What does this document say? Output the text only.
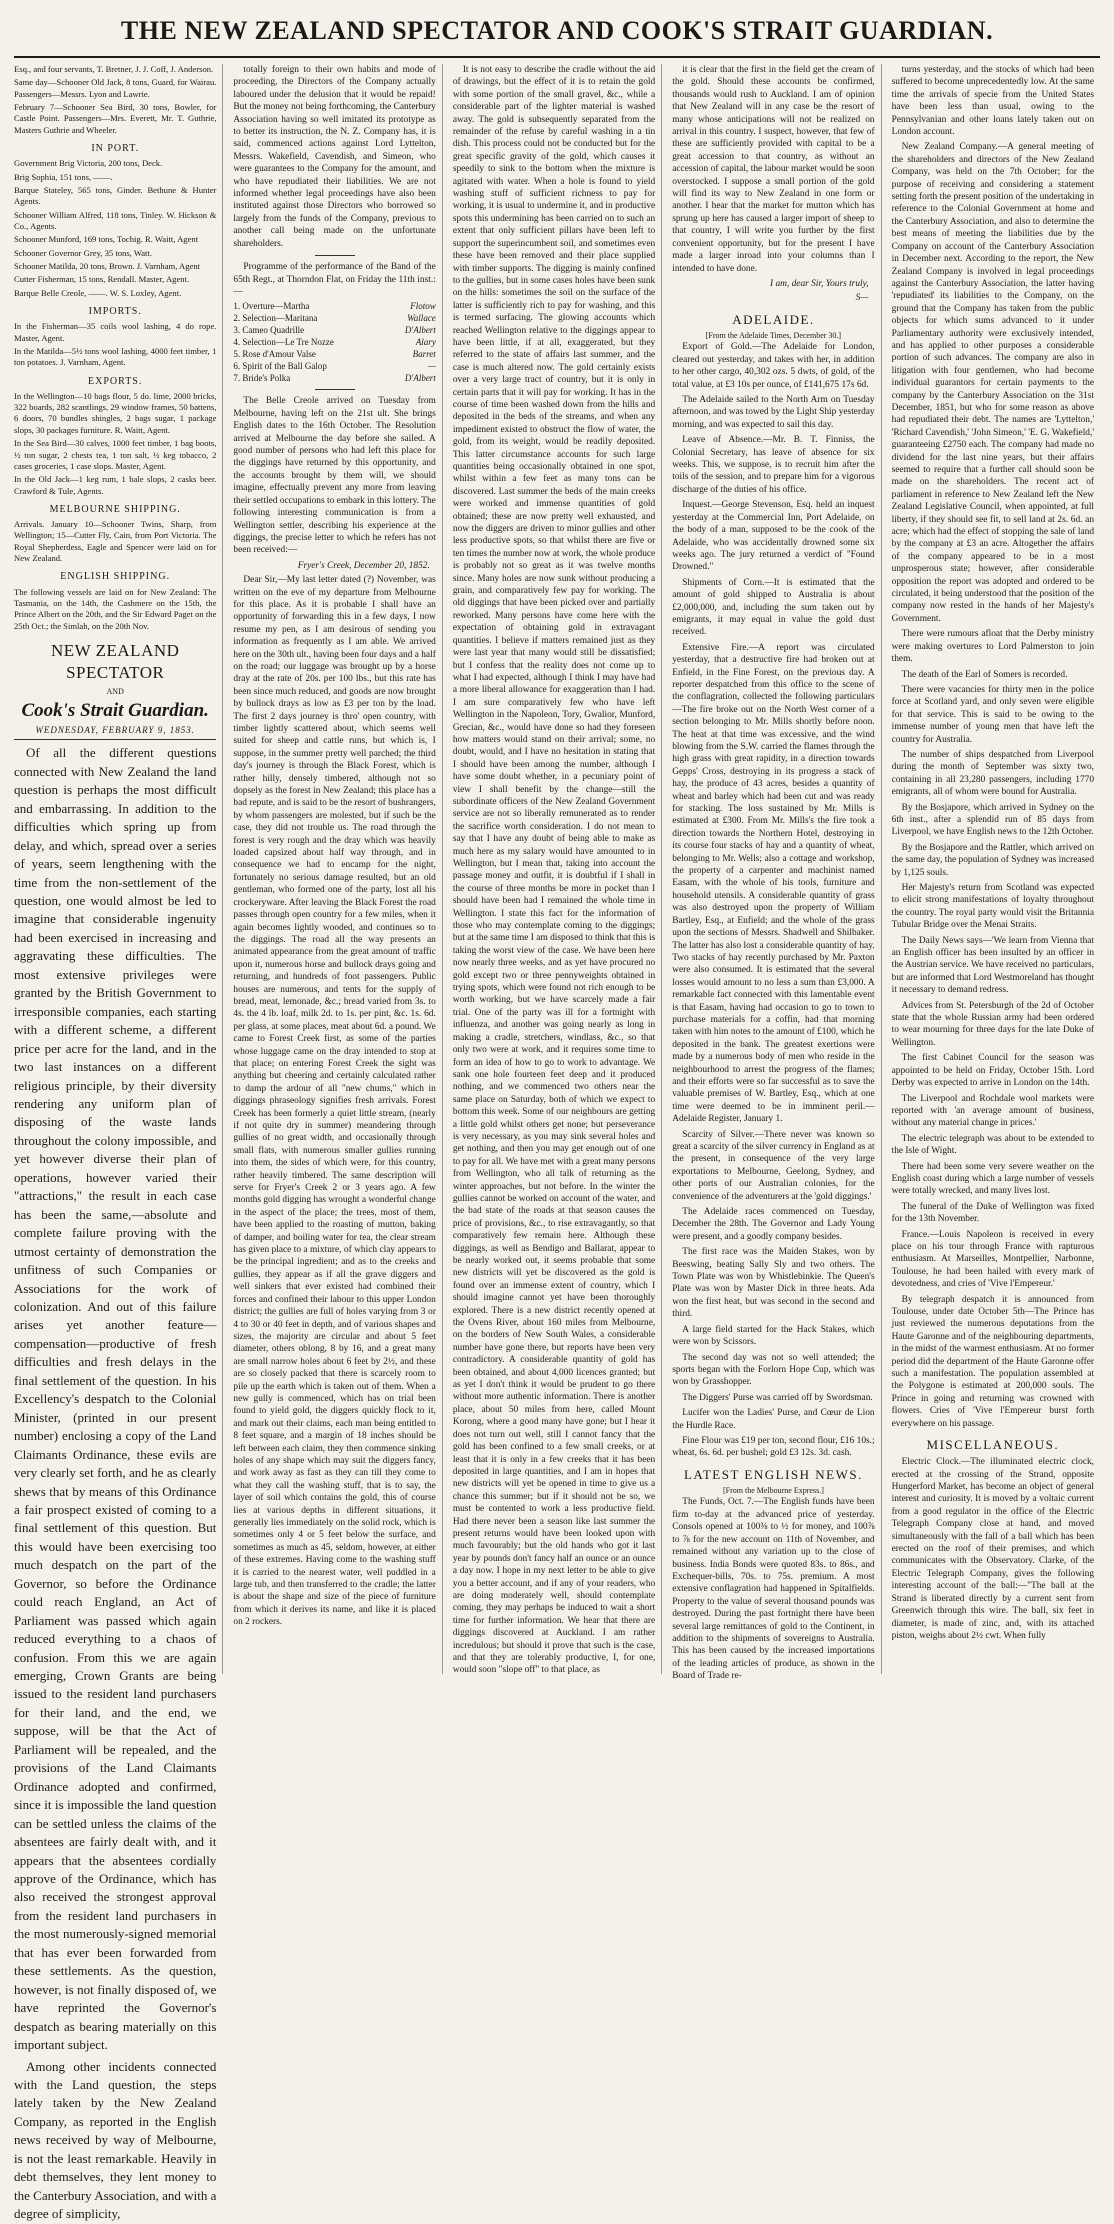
THE NEW ZEALAND SPECTATOR AND COOK'S STRAIT GUARDIAN.

Esq., and four servants, T. Bretner, J. J. Coff, J. Anderson.

Same day—Schooner Old Jack, 8 tons, Guard, for Wairau. Passengers—Messrs. Lyon and Lawrie.

February 7—Schooner Sea Bird, 30 tons, Bowler, for Castle Point. Passengers—Mrs. Everett, Mr. T. Guthrie, Masters Guthrie and Wheeler.

IN PORT.

Government Brig Victoria, 200 tons, Deck.

Brig Sophia, 151 tons, ——.

Barque Stateley, 565 tons, Ginder. Bethune & Hunter Agents.

Schooner William Alfred, 118 tons, Tinley. W. Hickson & Co., Agents.

Schooner Munford, 169 tons, Tochig. R. Waitt, Agent

Schooner Governor Grey, 35 tons, Watt.

Schooner Matilda, 20 tons, Brown. J. Varnham, Agent

Cutter Fisherman, 15 tons, Rendall. Master, Agent.

Barque Belle Creole, ——. W. S. Loxley, Agent.

IMPORTS.

In the Fisherman—35 coils wool lashing, 4 do rope. Master, Agent.

In the Matilda—5½ tons wool lashing, 4000 feet timber, 1 ton potatoes. J. Varnham, Agent.

EXPORTS.

In the Wellington—10 bags flour, 5 do. lime, 2000 bricks, 322 boards, 282 scantlings, 29 window frames, 50 battens, 6 doors, 70 bundles shingles, 2 bags sugar, 1 package slops, 30 packages furniture. R. Waitt, Agent.

In the Sea Bird—30 calves, 1000 feet timber, 1 bag boots, ½ ton sugar, 2 chests tea, 1 ton salt, ½ keg tobacco, 2 cases groceries, 1 case slops. Master, Agent.

In the Old Jack—1 keg rum, 1 bale slops, 2 casks beer. Crawford & Tule, Agents.

MELBOURNE SHIPPING.

Arrivals. January 10—Schooner Twins, Sharp, from Wellington; 15—Cutter Fly, Cain, from Port Victoria. The Royal Shepherdess, Eagle and Spencer were laid on for New Zealand.

ENGLISH SHIPPING.

The following vessels are laid on for New Zealand: The Tasmania, on the 14th, the Cashmere on the 15th, the Prince Albert on the 20th, and the Sir Edward Paget on the 25th Oct.; the Simlah, on the 20th Nov.

NEW ZEALAND SPECTATOR
AND
Cook's Strait Guardian.
WEDNESDAY, FEBRUARY 9, 1853.

Of all the different questions connected with New Zealand the land question is perhaps the most difficult and embarrassing. In addition to the difficulties which spring up from delay, and which, spread over a series of years, seem lengthening with the time from the non-settlement of the question, one would almost be led to imagine that considerable ingenuity had been exercised in increasing and aggravating these difficulties. The most extensive privileges were granted by the British Government to irresponsible companies, each starting with a different scheme, a different price per acre for the land, and in the two last instances on a different religious principle, by their diversity rendering any uniform plan of disposing of the waste lands throughout the colony impossible, and yet however diverse their plan of operations, however varied their "attractions," the result in each case has been the same,—absolute and complete failure proving with the utmost certainty of demonstration the unfitness of such Companies or Associations for the work of colonization. And out of this failure arises yet another feature—compensation—productive of fresh difficulties and fresh delays in the final settlement of the question. In his Excellency's despatch to the Colonial Minister, (printed in our present number) enclosing a copy of the Land Claimants Ordinance, these evils are very clearly set forth, and he as clearly shews that by means of this Ordinance a fair prospect existed of coming to a final settlement of this question. But this would have been exercising too much despatch on the part of the Governor, so before the Ordinance could reach England, an Act of Parliament was passed which again reduced everything to a chaos of confusion. From this we are again emerging, Crown Grants are being issued to the resident land purchasers for their land, and the end, we suppose, will be that the Act of Parliament will be repealed, and the provisions of the Land Claimants Ordinance adopted and confirmed, since it is impossible the land question can be settled unless the claims of the absentees are fairly dealt with, and it appears that the absentees cordially approve of the Ordinance, which has also received the strongest approval from the resident land purchasers in the most numerously-signed memorial that has ever been forwarded from these settlements. As the question, however, is not finally disposed of, we have reprinted the Governor's despatch as bearing materially on this important subject.

Among other incidents connected with the Land question, the steps lately taken by the New Zealand Company, as reported in the English news received by way of Melbourne, is not the least remarkable. Heavily in debt themselves, they lent money to the Canterbury Association, and with a degree of simplicity,

totally foreign to their own habits and mode of proceeding, the Directors of the Company actually laboured under the delusion that it would be repaid! But the money not being forthcoming, the Canterbury Association having so well imitated its prototype as to better its instruction, the N. Z. Company has, it is said, commenced actions against Lord Lyttelton, Messrs. Wakefield, Cavendish, and Simeon, who were guarantees to the Company for the amount, and who have repudiated their liabilities. We are not informed whether legal proceedings have also been instituted against those Directors who borrowed so largely from the funds of the Company, previous to another call being made on the unfortunate shareholders.

Programme of the performance of the Band of the 65th Regt., at Thorndon Flat, on Friday the 11th inst.:—

1. Overture—Martha	Flotow
2. Selection—Maritana	Wallace
3. Cameo Quadrille	D'Albert
4. Selection—Le Tre Nozze	Alary
5. Rose d'Amour Valse	Barret
6. Spirit of the Ball Galop	—
7. Bride's Polka	D'Albert

The Belle Creole arrived on Tuesday from Melbourne, having left on the 21st ult. She brings English dates to the 16th October. The Resolution arrived at Melbourne the day before she sailed. A good number of persons who had left this place for the diggings have returned by this opportunity, and the accounts brought by them will, we should imagine, effectually prevent any more from leaving their settled occupations to embark in this lottery. The following interesting communication is from a Wellington settler, describing his experience at the diggings, the precise letter to which he refers has not been received:—

Fryer's Creek, December 20, 1852.

Dear Sir,—My last letter dated (?) November, was written on the eve of my departure from Melbourne for this place. As it is probable I shall have an opportunity of forwarding this in a few days, I now resume my pen, as I am desirous of sending you information as frequently as I am able. We arrived here on the 30th ult., having been four days and a half on the road; our luggage was brought up by a horse dray at the rate of 20s. per 100 lbs., but this rate has been since much reduced, and goods are now brought by bullock drays as low as £3 per ton by the load. The first 2 days journey is thro' open country, with timber lightly scattered about, which seems well suited for sheep and cattle runs, but which is, I suppose, in the summer pretty well parched; the third day's journey is through the Black Forest, which is rather hilly, densely timbered, although not so dopsely as the forest in New Zealand; this place has a bad repute, and is said to be the resort of bushrangers, by whom passengers are molested, but if such be the case, they did not trouble us. The road through the forest is very rough and the dray which was heavily loaded capsized about half way through, and in consequence we had to encamp for the night, fortunately no serious damage resulted, but an old gentleman, who formed one of the party, lost all his crockeryware. After leaving the Black Forest the road passes through open country for a few miles, when it again becomes lightly wooded, and continues so to the diggings. The road all the way presents an animated appearance from the great amount of traffic upon it, numerous horse and bullock drays going and returning, and hundreds of foot passengers. Public houses are numerous, and tents for the supply of bread, meat, lemonade, &c.; bread varied from 3s. to 4s. the 4 lb. loaf, milk 2d. to 1s. per pint, &c. 1s. 6d. per glass, at some places, meat about 6d. a pound. We came to Forest Creek first, as some of the parties whose luggage came on the dray intended to stop at that place; on entering Forest Creek the sight was anything but cheering and certainly calculated rather to damp the ardour of all "new chums," which in diggings phraseology signifies fresh arrivals. Forest Creek has been formerly a quiet little stream, (nearly if not quite dry in summer) meandering through gullies of no great width, and occasionally through small flats, with numerous smaller gullies running into them, the sides of which were, for this country, rather heavily timbered. The same description will serve for Fryer's Creek 2 or 3 years ago. A few months gold digging has wrought a wonderful change in the aspect of the place; the trees, most of them, have been applied to the roasting of mutton, baking of damper, and boiling water for tea, the clear stream has given place to a mixture, of which clay appears to be the principal ingredient; and as to the creeks and gullies, they appear as if all the grave diggers and well sinkers that ever existed had combined their forces and confined their labour to this upper London district; the gullies are full of holes varying from 3 or 4 to 30 or 40 feet in depth, and of various shapes and sizes, the majority are circular and about 5 feet diameter, others oblong, 8 by 16, and a great many are small narrow holes about 6 feet by 2½, and these are so closely packed that there is scarcely room to pile up the earth which is taken out of them. When a new gully is commenced, which has on trial been found to yield gold, the diggers quickly flock to it, and mark out their claims, each man being entitled to 8 feet square, and a margin of 18 inches should be left between each claim, they then commence sinking holes of any shape which may suit the diggers fancy, and work away as fast as they can till they come to what they call the washing stuff, that is to say, the layer of soil which contains the gold, this of course lies at various depths in different situations, it generally lies immediately on the solid rock, which is sometimes only 4 or 5 feet below the surface, and sometimes as much as 45, seldom, however, at either of these extremes. Having come to the washing stuff it is carried to the nearest water, well puddled in a large tub, and then transferred to the cradle; the latter is about the shape and size of the piece of furniture from which it derives its name, and like it is placed on 2 rockers.

It is not easy to describe the cradle without the aid of drawings, but the effect of it is to retain the gold with some portion of the small gravel, &c., while a considerable part of the lighter material is washed away. The gold is subsequently separated from the remainder of the refuse by careful washing in a tin dish. This process could not be conducted but for the great specific gravity of the gold, which causes it speedily to sink to the bottom when the mixture is agitated with water. When a hole is found to yield washing stuff of sufficient richness to pay for working, it is usual to undermine it, and in productive spots this undermining has been carried on to such an extent that only sufficient pillars have been left to support the superincumbent soil, and sometimes even these have been removed and their place supplied with timber supports. The digging is mainly confined to the gullies, but in some cases holes have been sunk on the hills: sometimes the soil on the surface of the latter is sufficiently rich to pay for washing, and this is termed surfacing. The glowing accounts which reached Wellington relative to the diggings appear to have been little, if at all, exaggerated, but they referred to the state of affairs last summer, and the case is much altered now. The gold certainly exists over a very large tract of country, but it is only in certain parts that it will pay for working. It has in the course of time been washed down from the hills and deposited in the beds of the streams, and when any impediment existed to obstruct the flow of water, the gold, from its weight, would be readily deposited. This latter circumstance accounts for such large quantities being occasionally obtained in one spot, whilst within a few feet as many tons can be discovered. Last summer the beds of the main creeks were worked and immense quantities of gold obtained; these are now pretty well exhausted, and now the diggers are driven to minor gullies and other less productive spots, so that whilst there are five or ten times the number now at work, the whole produce is probably not so great as it was twelve months since. Many holes are now sunk without producing a grain, and comparatively few pay for working. The old diggings that have been picked over and partially reworked. Many persons have come here with the expectation of obtaining gold in extravagant quantities. I believe if matters remained just as they were last year that many would still be dissatisfied; but I confess that the reality does not come up to what I had expected, although I think I may have had a more liberal allowance for exaggeration than I had. I am sure comparatively few who have left Wellington in the Napoleon, Tory, Gwalior, Munford, Grecian, &c., would have done so had they foreseen how matters would stand on their arrival; some, no doubt, would, and I have no hesitation in stating that I should have been among the number, although I have some doubt whether, in a pecuniary point of view I shall benefit by the change—still the subordinate officers of the New Zealand Government service are not so liberally remunerated as to render the sacrifice worth consideration. I do not mean to say that I have any doubt of being able to make as much here as my salary would have amounted to in Wellington, but I mean that, taking into account the passage money and outfit, it is doubtful if I shall in the course of three months be more in pocket than I should have been had I remained the whole time in Wellington. I state this fact for the information of those who may contemplate coming to the diggings; but at the same time I am disposed to think that this is taking the worst view of the case. We have been here now nearly three weeks, and as yet have procured no gold except two or three pennyweights obtained in trying spots, which were found not rich enough to be worth working, but we have scarcely made a fair trial. One of the party was ill for a fortnight with influenza, and another was going nearly as long in making a cradle, stretchers, windlass, &c., so that only two were at work, and it requires some time to form an idea of how to go to work to advantage. We sank one hole fourteen feet deep and it produced nothing, and we commenced two others near the same place on Saturday, both of which we expect to bottom this week. Some of our neighbours are getting a little gold whilst others get none; but perseverance is very necessary, as you may sink several holes and get nothing, and then you may get enough out of one to pay for all. We have met with a great many persons from Wellington, who all talk of returning as the winter approaches, but not before. In the winter the gullies cannot be worked on account of the water, and the bad state of the roads at that season causes the price of provisions, &c., to rise extravagantly, so that comparatively few remain here. Although these diggings, as well as Bendigo and Ballarat, appear to be nearly worked out, it seems probable that some new districts will yet be discovered as the gold is found over an immense extent of country, which I should imagine cannot yet have been thoroughly explored. There is a new district recently opened at the Ovens River, about 160 miles from Melbourne, on the borders of New South Wales, a considerable number have gone there, but reports have been very contradictory. A considerable quantity of gold has been obtained, and about 4,000 licences granted; but as yet I don't think it would be prudent to go there without more authentic information. There is another place, about 50 miles from here, called Mount Korong, where a good many have gone; but I hear it does not turn out well, still I cannot fancy that the gold has been confined to a few small creeks, or at least that it is only in a few creeks that it has been deposited in large quantities, and I am in hopes that new districts will yet be opened in time to give us a chance this summer; but if it should not be so, we must be contented to work a less productive field. Had there never been a season like last summer the present returns would have been looked upon with much favourably; but the old hands who got it last year by pounds don't fancy half an ounce or an ounce a day now. I hope in my next letter to be able to give you a better account, and if any of your readers, who are doing moderately well, should contemplate coming, they may perhaps be induced to wait a short time for further information. We hear that there are diggings discovered at Auckland. I am rather incredulous; but should it prove that such is the case, and that they are tolerably productive, I, for one, would soon "slope off" to that place, as

it is clear that the first in the field get the cream of the gold. Should these accounts be confirmed, thousands would rush to Auckland. I am of opinion that New Zealand will in any case be the resort of many whose anticipations will not be realized on arrival in this country. I suspect, however, that few of these are sufficiently provided with capital to be a great accession to that country, as without an accession of capital, the labour market would be soon overstocked. I suppose a small portion of the gold will find its way to New Zealand in one form or another. I hear that the market for mutton which has sprung up here has caused a larger import of sheep to that country, I will write you further by the first convenient opportunity, but for the present I have made a larger inroad into your columns than I intended to have done.

I am, dear Sir, Yours truly,
S—
ADELAIDE.
[From the Adelaide Times, December 30.]

Export of Gold.—The Adelaide for London, cleared out yesterday, and takes with her, in addition to her other cargo, 40,302 ozs. 5 dwts, of gold, of the total value, at £3 10s per ounce, of £141,675 17s 6d.

The Adelaide sailed to the North Arm on Tuesday afternoon, and was towed by the Light Ship yesterday morning, and was expected to sail this day.

Leave of Absence.—Mr. B. T. Finniss, the Colonial Secretary, has leave of absence for six weeks. This, we suppose, is to recruit him after the toils of the session, and to prepare him for a vigorous discharge of the duties of his office.

Inquest.—George Stevenson, Esq. held an inquest yesterday at the Commercial Inn, Port Adelaide, on the body of a man, supposed to be the cook of the Adelaide, who was accidentally drowned some six weeks ago. The jury returned a verdict of "Found Drowned."

Shipments of Corn.—It is estimated that the amount of gold shipped to Australia is about £2,000,000, and, including the sum taken out by emigrants, it may equal in value the gold dust received.

Extensive Fire.—A report was circulated yesterday, that a destructive fire had broken out at Enfield, in the Fine Forest, on the previous day. A reporter despatched from this office to the scene of the conflagration, collected the following particulars—The fire broke out on the North West corner of a section belonging to Mr. Mills shortly before noon. The heat at that time was excessive, and the wind blowing from the S.W. carried the flames through the high grass with great rapidity, in a direction towards Gepps' Cross, destroying in its progress a stack of hay, the produce of 43 acres, besides a quantity of wheat and barley which had been cut and was ready for stacking. The loss sustained by Mr. Mills is estimated at £300. From Mr. Mills's the fire took a direction towards the Northern Hotel, destroying in its course four stacks of hay and a quantity of wheat, belonging to Mr. Wells; also a cottage and workshop, the property of a carpenter and machinist named Easam, with the whole of his tools, furniture and household utensils. A considerable quantity of grass was also destroyed upon the property of William Bartley, Esq., at Enfield; and the whole of the grass upon the sections of Messrs. Shadwell and Shilbaker. The latter has also lost a considerable quantity of hay. Two stacks of hay recently purchased by Mr. Paxton were also consumed. It is estimated that the several losses would amount to no less a sum than £3,000. A remarkable fact connected with this lamentable event is that Easam, having had occasion to go to town to purchase materials for a coffin, had that morning taken with him notes to the amount of £100, which he deposited in the bank. The greatest exertions were made by a numerous body of men who reside in the neighbourhood to arrest the progress of the flames; and their efforts were so far successful as to save the valuable premises of W. Bartley, Esq., which at one time were deemed to be in imminent peril.—Adelaide Register, January 1.

Scarcity of Silver.—There never was known so great a scarcity of the silver currency in England as at the present, in consequence of the very large exportations to Melbourne, Geelong, Sydney, and other ports of our Australian colonies, for the convenience of the adventurers at the 'gold diggings.'

The Adelaide races commenced on Tuesday, December the 28th. The Governor and Lady Young were present, and a goodly company besides.

The first race was the Maiden Stakes, won by Beeswing, beating Sally Sly and two others. The Town Plate was won by Whistlebinkie. The Queen's Plate was won by Master Dick in three heats. Ada won the first heat, but was second in the second and third.

A large field started for the Hack Stakes, which were won by Scissors.

The second day was not so well attended; the sports began with the Forlorn Hope Cup, which was won by Grasshopper.

The Diggers' Purse was carried off by Swordsman.

Lucifer won the Ladies' Purse, and Cœur de Lion the Hurdle Race.

Fine Flour was £19 per ton, second flour, £16 10s.; wheat, 6s. 6d. per bushel; gold £3 12s. 3d. cash.

LATEST ENGLISH NEWS.
[From the Melbourne Express.]

The Funds, Oct. 7.—The English funds have been firm to-day at the advanced price of yesterday. Consols opened at 100⅜ to ½ for money, and 100⅞ to ⅞ for the new account on 11th of November, and remained without any variation up to the close of business. India Bonds were quoted 83s. to 86s., and Exchequer-bills, 70s. to 75s. premium. A most extensive conflagration had happened in Spitalfields. Property to the value of several thousand pounds was destroyed. During the past fortnight there have been several large remittances of gold to the Continent, in addition to the shipments of sovereigns to Australia. This has been caused by the increased importations of the leading articles of produce, as shown in the Board of Trade re-

turns yesterday, and the stocks of which had been suffered to become unprecedentedly low. At the same time the arrivals of specie from the United States have been less than usual, owing to the Pennsylvanian and other loans lately taken out on London account.

New Zealand Company.—A general meeting of the shareholders and directors of the New Zealand Company, was held on the 7th October; for the purpose of receiving and considering a statement setting forth the present position of the undertaking in reference to the Colonial Government at home and the Canterbury Association, and also to determine the best means of meeting the liabilities due by the Company on account of the Canterbury Association in December next. According to the report, the New Zealand Company is involved in legal proceedings against the Canterbury Association, the latter having 'repudiated' its liabilities to the Company, on the ground that the Company has taken from the public objects for which sums advanced to it under Parliamentary authority were exclusively intended, and has applied to other purposes a considerable portion of such advances. The company are also in litigation with four gentlemen, who had become individual guarantors for certain payments to the company by the Canterbury Association on the 31st December, 1851, but who for some reason as above had repudiated their debt. The names are 'Lyttelton,' 'Richard Cavendish,' 'John Simeon,' 'E. G. Wakefield,' guaranteeing £2750 each. The company had made no dividend for the last nine years, but their affairs seemed to require that a further call should soon be made on the shareholders. The recent act of parliament in reference to New Zealand left the New Zealand Legislative Council, when appointed, at full liberty, if they should see fit, to sell land at 2s. 6d. an acre; which had the effect of stopping the sale of land by the company at £3 an acre. Altogether the affairs of the company appeared to be in a most unprosperous state; however, after considerable opposition the report was adopted and ordered to be circulated, it being understood that the position of the company now rested in the hands of her Majesty's Government.

There were rumours afloat that the Derby ministry were making overtures to Lord Palmerston to join them.

The death of the Earl of Somers is recorded.

There were vacancies for thirty men in the police force at Scotland yard, and only seven were eligible for that service. This is said to be owing to the immense number of young men that have left the country for Australia.

The number of ships despatched from Liverpool during the month of September was sixty two, containing in all 23,280 passengers, including 1770 emigrants, all of whom were bound for Australia.

By the Bosjapore, which arrived in Sydney on the 6th inst., after a splendid run of 85 days from Liverpool, we have English news to the 12th October.

By the Bosjapore and the Rattler, which arrived on the same day, the population of Sydney was increased by 1,125 souls.

Her Majesty's return from Scotland was expected to elicit strong manifestations of loyalty throughout the country. The royal party would visit the Britannia Tubular Bridge over the Menai Straits.

The Daily News says—'We learn from Vienna that an English officer has been insulted by an officer in the Austrian service. We have received no particulars, but are informed that Lord Westmoreland has thought it necessary to demand redress.

Advices from St. Petersburgh of the 2d of October state that the whole Russian army had been ordered to wear mourning for three days for the late Duke of Wellington.

The first Cabinet Council for the season was appointed to be held on Friday, October 15th. Lord Derby was expected to arrive in London on the 14th.

The Liverpool and Rochdale wool markets were reported with 'an average amount of business, without any material change in prices.'

The electric telegraph was about to be extended to the Isle of Wight.

There had been some very severe weather on the English coast during which a large number of vessels were totally wrecked, and many lives lost.

The funeral of the Duke of Wellington was fixed for the 13th November.

France.—Louis Napoleon is received in every place on his tour through France with rapturous enthusiasm. At Marseilles, Montpellier, Narbonne, Toulouse, he had been hailed with every mark of devotedness, and cries of 'Vive l'Empereur.'

By telegraph despatch it is announced from Toulouse, under date October 5th—The Prince has just reviewed the numerous deputations from the Haute Garonne and of the neighbouring departments, in the midst of the warmest enthusiasm. At no former period did the department of the Haute Garonne offer such a manifestation. The population assembled at the Polygone is estimated at 200,000 souls. The Prince in going and returning was crowned with flowers. Cries of 'Vive l'Empereur burst forth everywhere on his passage.

MISCELLANEOUS.

Electric Clock.—The illuminated electric clock, erected at the crossing of the Strand, opposite Hungerford Market, has become an object of general interest and curiosity. It is moved by a voltaic current from a good regulator in the office of the Electric Telegraph Company close at hand, and moved simultaneously with the fall of a ball which has been erected on the roof of their premises, and which communicates with the Observatory. Clarke, of the Electric Telegraph Company, gives the following interesting account of the ball:—"The ball at the Strand is liberated directly by a current sent from Greenwich through this wire. The ball, six feet in diameter, is made of zinc, and, with its attached piston, weighs about 2½ cwt. When fully
